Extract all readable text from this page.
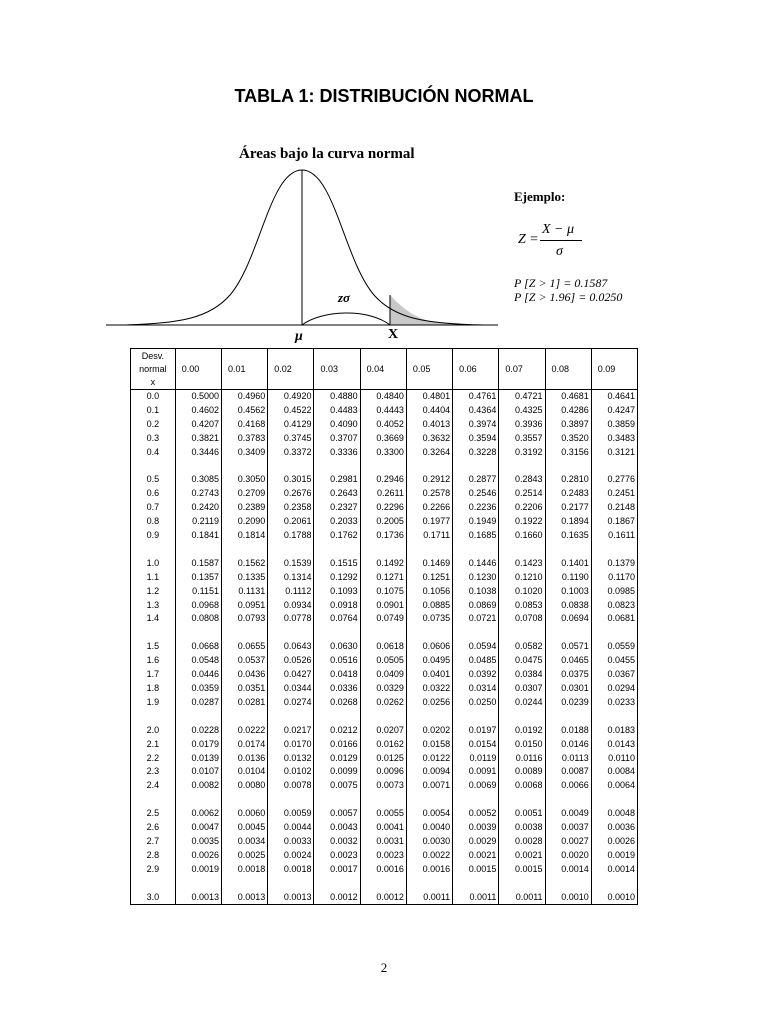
TABLA 1: DISTRIBUCIÓN NORMAL
Áreas bajo la curva normal
zσ
μ	X
Ejemplo:
Z =
X − μ
σ
P [Z > 1] = 0.1587
P [Z > 1.96] = 0.0250
Desv.
normal
x	0.00	0.01	0.02	0.03	0.04	0.05	0.06	0.07	0.08	0.09
0.0	0.5000	0.4960	0.4920	0.4880	0.4840	0.4801	0.4761	0.4721	0.4681	0.4641
0.1	0.4602	0.4562	0.4522	0.4483	0.4443	0.4404	0.4364	0.4325	0.4286	0.4247
0.2	0.4207	0.4168	0.4129	0.4090	0.4052	0.4013	0.3974	0.3936	0.3897	0.3859
0.3	0.3821	0.3783	0.3745	0.3707	0.3669	0.3632	0.3594	0.3557	0.3520	0.3483
0.4	0.3446	0.3409	0.3372	0.3336	0.3300	0.3264	0.3228	0.3192	0.3156	0.3121

0.5	0.3085	0.3050	0.3015	0.2981	0.2946	0.2912	0.2877	0.2843	0.2810	0.2776
0.6	0.2743	0.2709	0.2676	0.2643	0.2611	0.2578	0.2546	0.2514	0.2483	0.2451
0.7	0.2420	0.2389	0.2358	0.2327	0.2296	0.2266	0.2236	0.2206	0.2177	0.2148
0.8	0.2119	0.2090	0.2061	0.2033	0.2005	0.1977	0.1949	0.1922	0.1894	0.1867
0.9	0.1841	0.1814	0.1788	0.1762	0.1736	0.1711	0.1685	0.1660	0.1635	0.1611

1.0	0.1587	0.1562	0.1539	0.1515	0.1492	0.1469	0.1446	0.1423	0.1401	0.1379
1.1	0.1357	0.1335	0.1314	0.1292	0.1271	0.1251	0.1230	0.1210	0.1190	0.1170
1.2	0.1151	0.1131	0.1112	0.1093	0.1075	0.1056	0.1038	0.1020	0.1003	0.0985
1.3	0.0968	0.0951	0.0934	0.0918	0.0901	0.0885	0.0869	0.0853	0.0838	0.0823
1.4	0.0808	0.0793	0.0778	0.0764	0.0749	0.0735	0.0721	0.0708	0.0694	0.0681

1.5	0.0668	0.0655	0.0643	0.0630	0.0618	0.0606	0.0594	0.0582	0.0571	0.0559
1.6	0.0548	0.0537	0.0526	0.0516	0.0505	0.0495	0.0485	0.0475	0.0465	0.0455
1.7	0.0446	0.0436	0.0427	0.0418	0.0409	0.0401	0.0392	0.0384	0.0375	0.0367
1.8	0.0359	0.0351	0.0344	0.0336	0.0329	0.0322	0.0314	0.0307	0.0301	0.0294
1.9	0.0287	0.0281	0.0274	0.0268	0.0262	0.0256	0.0250	0.0244	0.0239	0.0233

2.0	0.0228	0.0222	0.0217	0.0212	0.0207	0.0202	0.0197	0.0192	0.0188	0.0183
2.1	0.0179	0.0174	0.0170	0.0166	0.0162	0.0158	0.0154	0.0150	0.0146	0.0143
2.2	0.0139	0.0136	0.0132	0.0129	0.0125	0.0122	0.0119	0.0116	0.0113	0.0110
2.3	0.0107	0.0104	0.0102	0.0099	0.0096	0.0094	0.0091	0.0089	0.0087	0.0084
2.4	0.0082	0.0080	0.0078	0.0075	0.0073	0.0071	0.0069	0.0068	0.0066	0.0064

2.5	0.0062	0.0060	0.0059	0.0057	0.0055	0.0054	0.0052	0.0051	0.0049	0.0048
2.6	0.0047	0.0045	0.0044	0.0043	0.0041	0.0040	0.0039	0.0038	0.0037	0.0036
2.7	0.0035	0.0034	0.0033	0.0032	0.0031	0.0030	0.0029	0.0028	0.0027	0.0026
2.8	0.0026	0.0025	0.0024	0.0023	0.0023	0.0022	0.0021	0.0021	0.0020	0.0019
2.9	0.0019	0.0018	0.0018	0.0017	0.0016	0.0016	0.0015	0.0015	0.0014	0.0014

3.0	0.0013	0.0013	0.0013	0.0012	0.0012	0.0011	0.0011	0.0011	0.0010	0.0010
2
